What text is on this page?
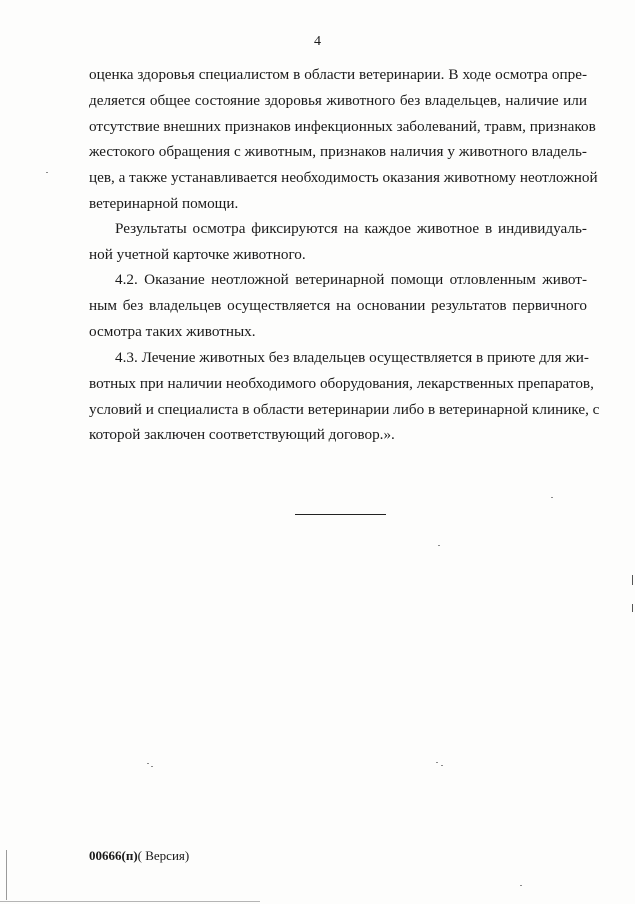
4
оценка здоровья специалистом в области ветеринарии. В ходе осмотра опре-
деляется общее состояние здоровья животного без владельцев, наличие или
отсутствие внешних признаков инфекционных заболеваний, травм, признаков
жестокого обращения с животным, признаков наличия у животного владель-
цев, а также устанавливается необходимость оказания животному неотложной
ветеринарной помощи.
Результаты осмотра фиксируются на каждое животное в индивидуаль-
ной учетной карточке животного.
4.2. Оказание неотложной ветеринарной помощи отловленным живот-
ным без владельцев осуществляется на основании результатов первичного
осмотра таких животных.
4.3. Лечение животных без владельцев осуществляется в приюте для жи-
вотных при наличии необходимого оборудования, лекарственных препаратов,
условий и специалиста в области ветеринарии либо в ветеринарной клинике, с
которой заключен соответствующий договор.».
00666(п)( Версия)
